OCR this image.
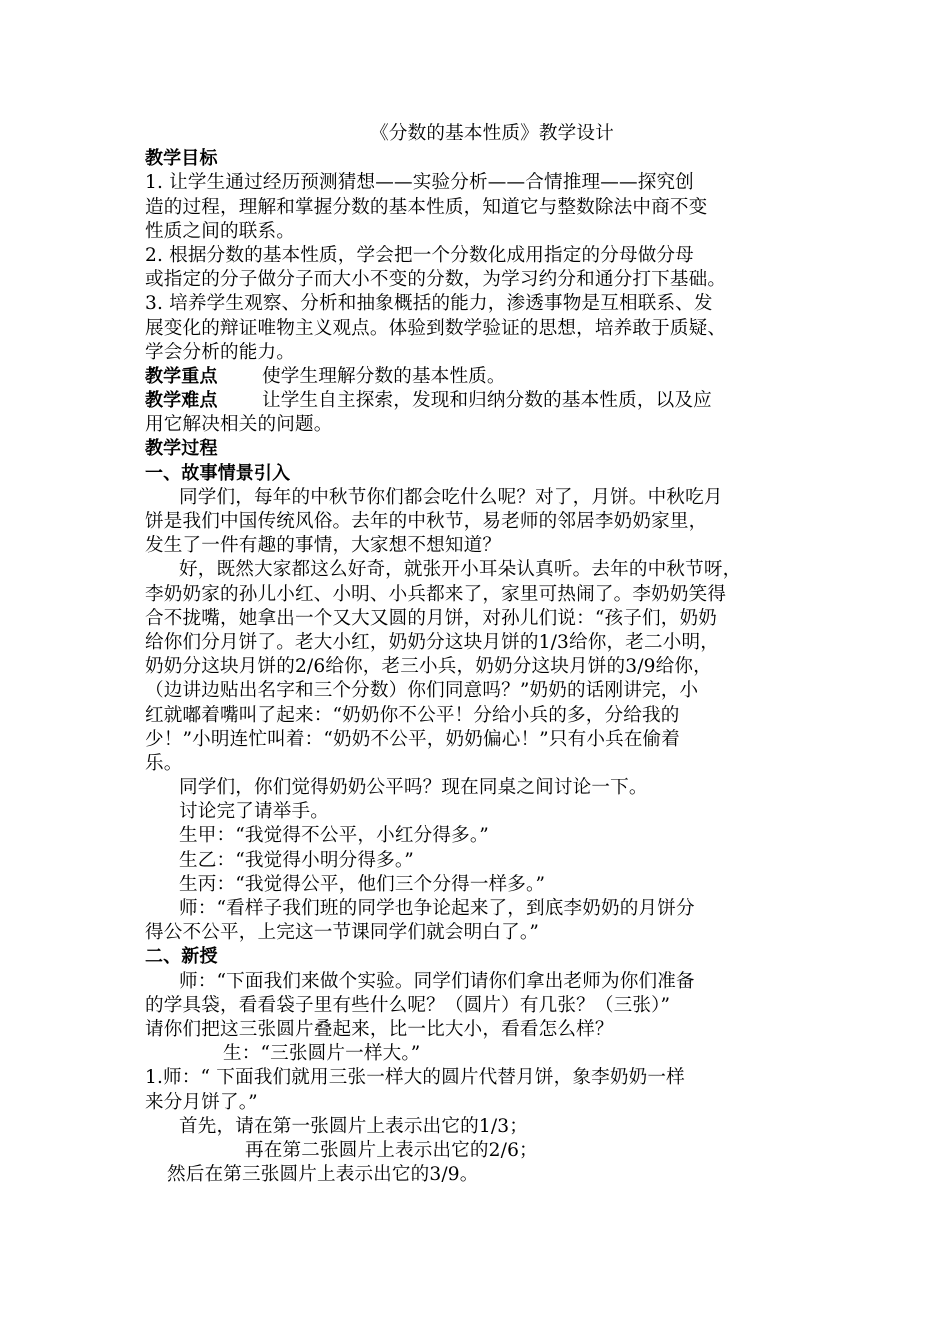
《分数的基本性质》教学设计
教学目标
1. 让学生通过经历预测猜想——实验分析——合情推理——探究创
造的过程，理解和掌握分数的基本性质，知道它与整数除法中商不变
性质之间的联系。
2. 根据分数的基本性质，学会把一个分数化成用指定的分母做分母
或指定的分子做分子而大小不变的分数，为学习约分和通分打下基础。
3. 培养学生观察、分析和抽象概括的能力，渗透事物是互相联系、发
展变化的辩证唯物主义观点。体验到数学验证的思想，培养敢于质疑、
学会分析的能力。
教学重点 使学生理解分数的基本性质。
教学难点 让学生自主探索，发现和归纳分数的基本性质，以及应
用它解决相关的问题。
教学过程
一、故事情景引入
同学们，每年的中秋节你们都会吃什么呢？对了，月饼。中秋吃月
饼是我们中国传统风俗。去年的中秋节，易老师的邻居李奶奶家里，
发生了一件有趣的事情，大家想不想知道？
好，既然大家都这么好奇，就张开小耳朵认真听。去年的中秋节呀，
李奶奶家的孙儿小红、小明、小兵都来了，家里可热闹了。李奶奶笑得
合不拢嘴，她拿出一个又大又圆的月饼，对孙儿们说：“孩子们，奶奶
给你们分月饼了。老大小红，奶奶分这块月饼的1/3给你，老二小明，
奶奶分这块月饼的2/6给你，老三小兵，奶奶分这块月饼的3/9给你，
（边讲边贴出名字和三个分数）你们同意吗？”奶奶的话刚讲完，小
红就嘟着嘴叫了起来：“奶奶你不公平！分给小兵的多，分给我的
少！”小明连忙叫着：“奶奶不公平，奶奶偏心！”只有小兵在偷着
乐。
同学们，你们觉得奶奶公平吗？现在同桌之间讨论一下。
讨论完了请举手。
生甲：“我觉得不公平，小红分得多。”
生乙：“我觉得小明分得多。”
生丙：“我觉得公平，他们三个分得一样多。”
师：“看样子我们班的同学也争论起来了，到底李奶奶的月饼分
得公不公平，上完这一节课同学们就会明白了。”
二、新授
师：“下面我们来做个实验。同学们请你们拿出老师为你们准备
的学具袋，看看袋子里有些什么呢？（圆片）有几张？（三张）”
请你们把这三张圆片叠起来，比一比大小，看看怎么样？
生：“三张圆片一样大。”
1.师：“ 下面我们就用三张一样大的圆片代替月饼，象李奶奶一样
来分月饼了。”
首先，请在第一张圆片上表示出它的1/3；
再在第二张圆片上表示出它的2/6；
然后在第三张圆片上表示出它的3/9。
